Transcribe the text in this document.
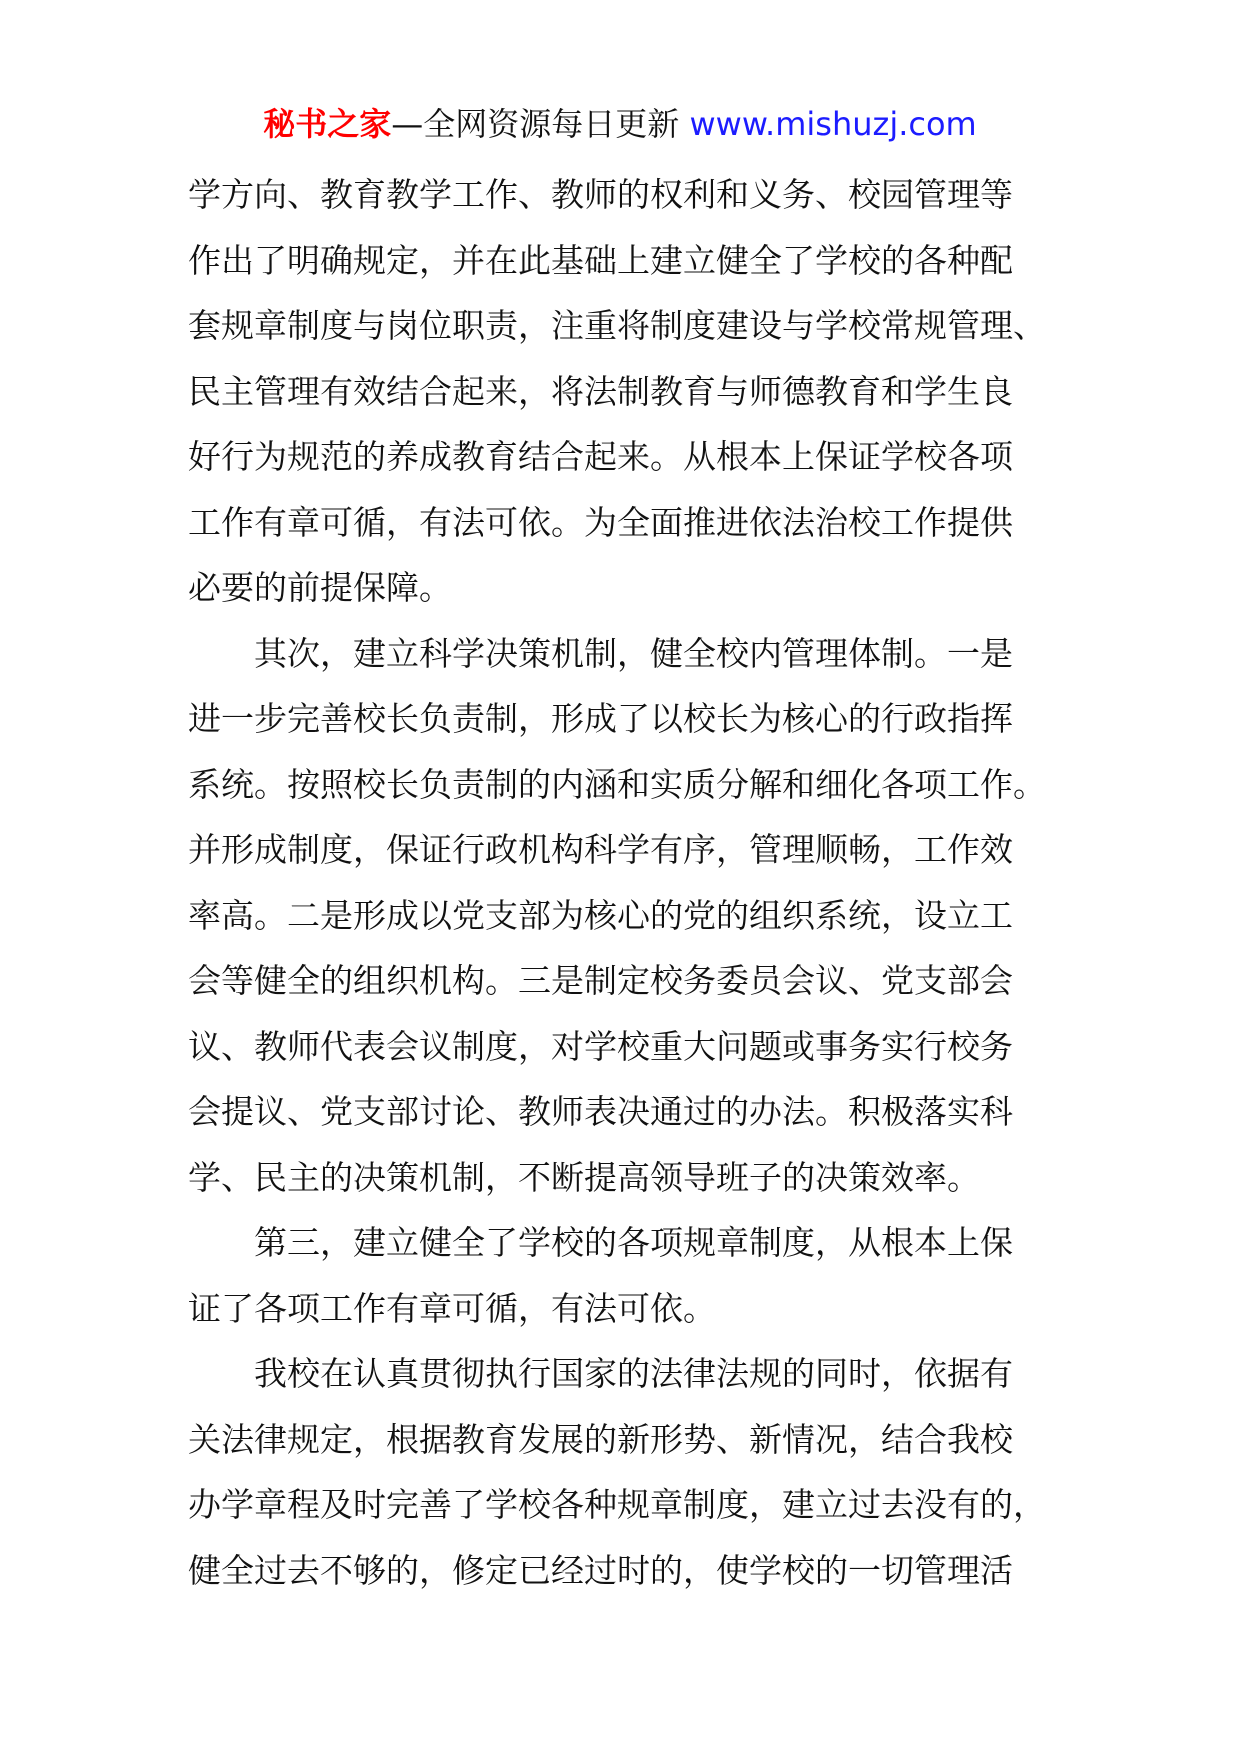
秘书之家—全网资源每日更新 www.mishuzj.com
学方向、教育教学工作、教师的权利和义务、校园管理等
作出了明确规定，并在此基础上建立健全了学校的各种配
套规章制度与岗位职责，注重将制度建设与学校常规管理、
民主管理有效结合起来，将法制教育与师德教育和学生良
好行为规范的养成教育结合起来。从根本上保证学校各项
工作有章可循，有法可依。为全面推进依法治校工作提供
必要的前提保障。
其次，建立科学决策机制，健全校内管理体制。一是
进一步完善校长负责制，形成了以校长为核心的行政指挥
系统。按照校长负责制的内涵和实质分解和细化各项工作。
并形成制度，保证行政机构科学有序，管理顺畅，工作效
率高。二是形成以党支部为核心的党的组织系统，设立工
会等健全的组织机构。三是制定校务委员会议、党支部会
议、教师代表会议制度，对学校重大问题或事务实行校务
会提议、党支部讨论、教师表决通过的办法。积极落实科
学、民主的决策机制，不断提高领导班子的决策效率。
第三，建立健全了学校的各项规章制度，从根本上保
证了各项工作有章可循，有法可依。
我校在认真贯彻执行国家的法律法规的同时，依据有
关法律规定，根据教育发展的新形势、新情况，结合我校
办学章程及时完善了学校各种规章制度，建立过去没有的，
健全过去不够的，修定已经过时的，使学校的一切管理活
